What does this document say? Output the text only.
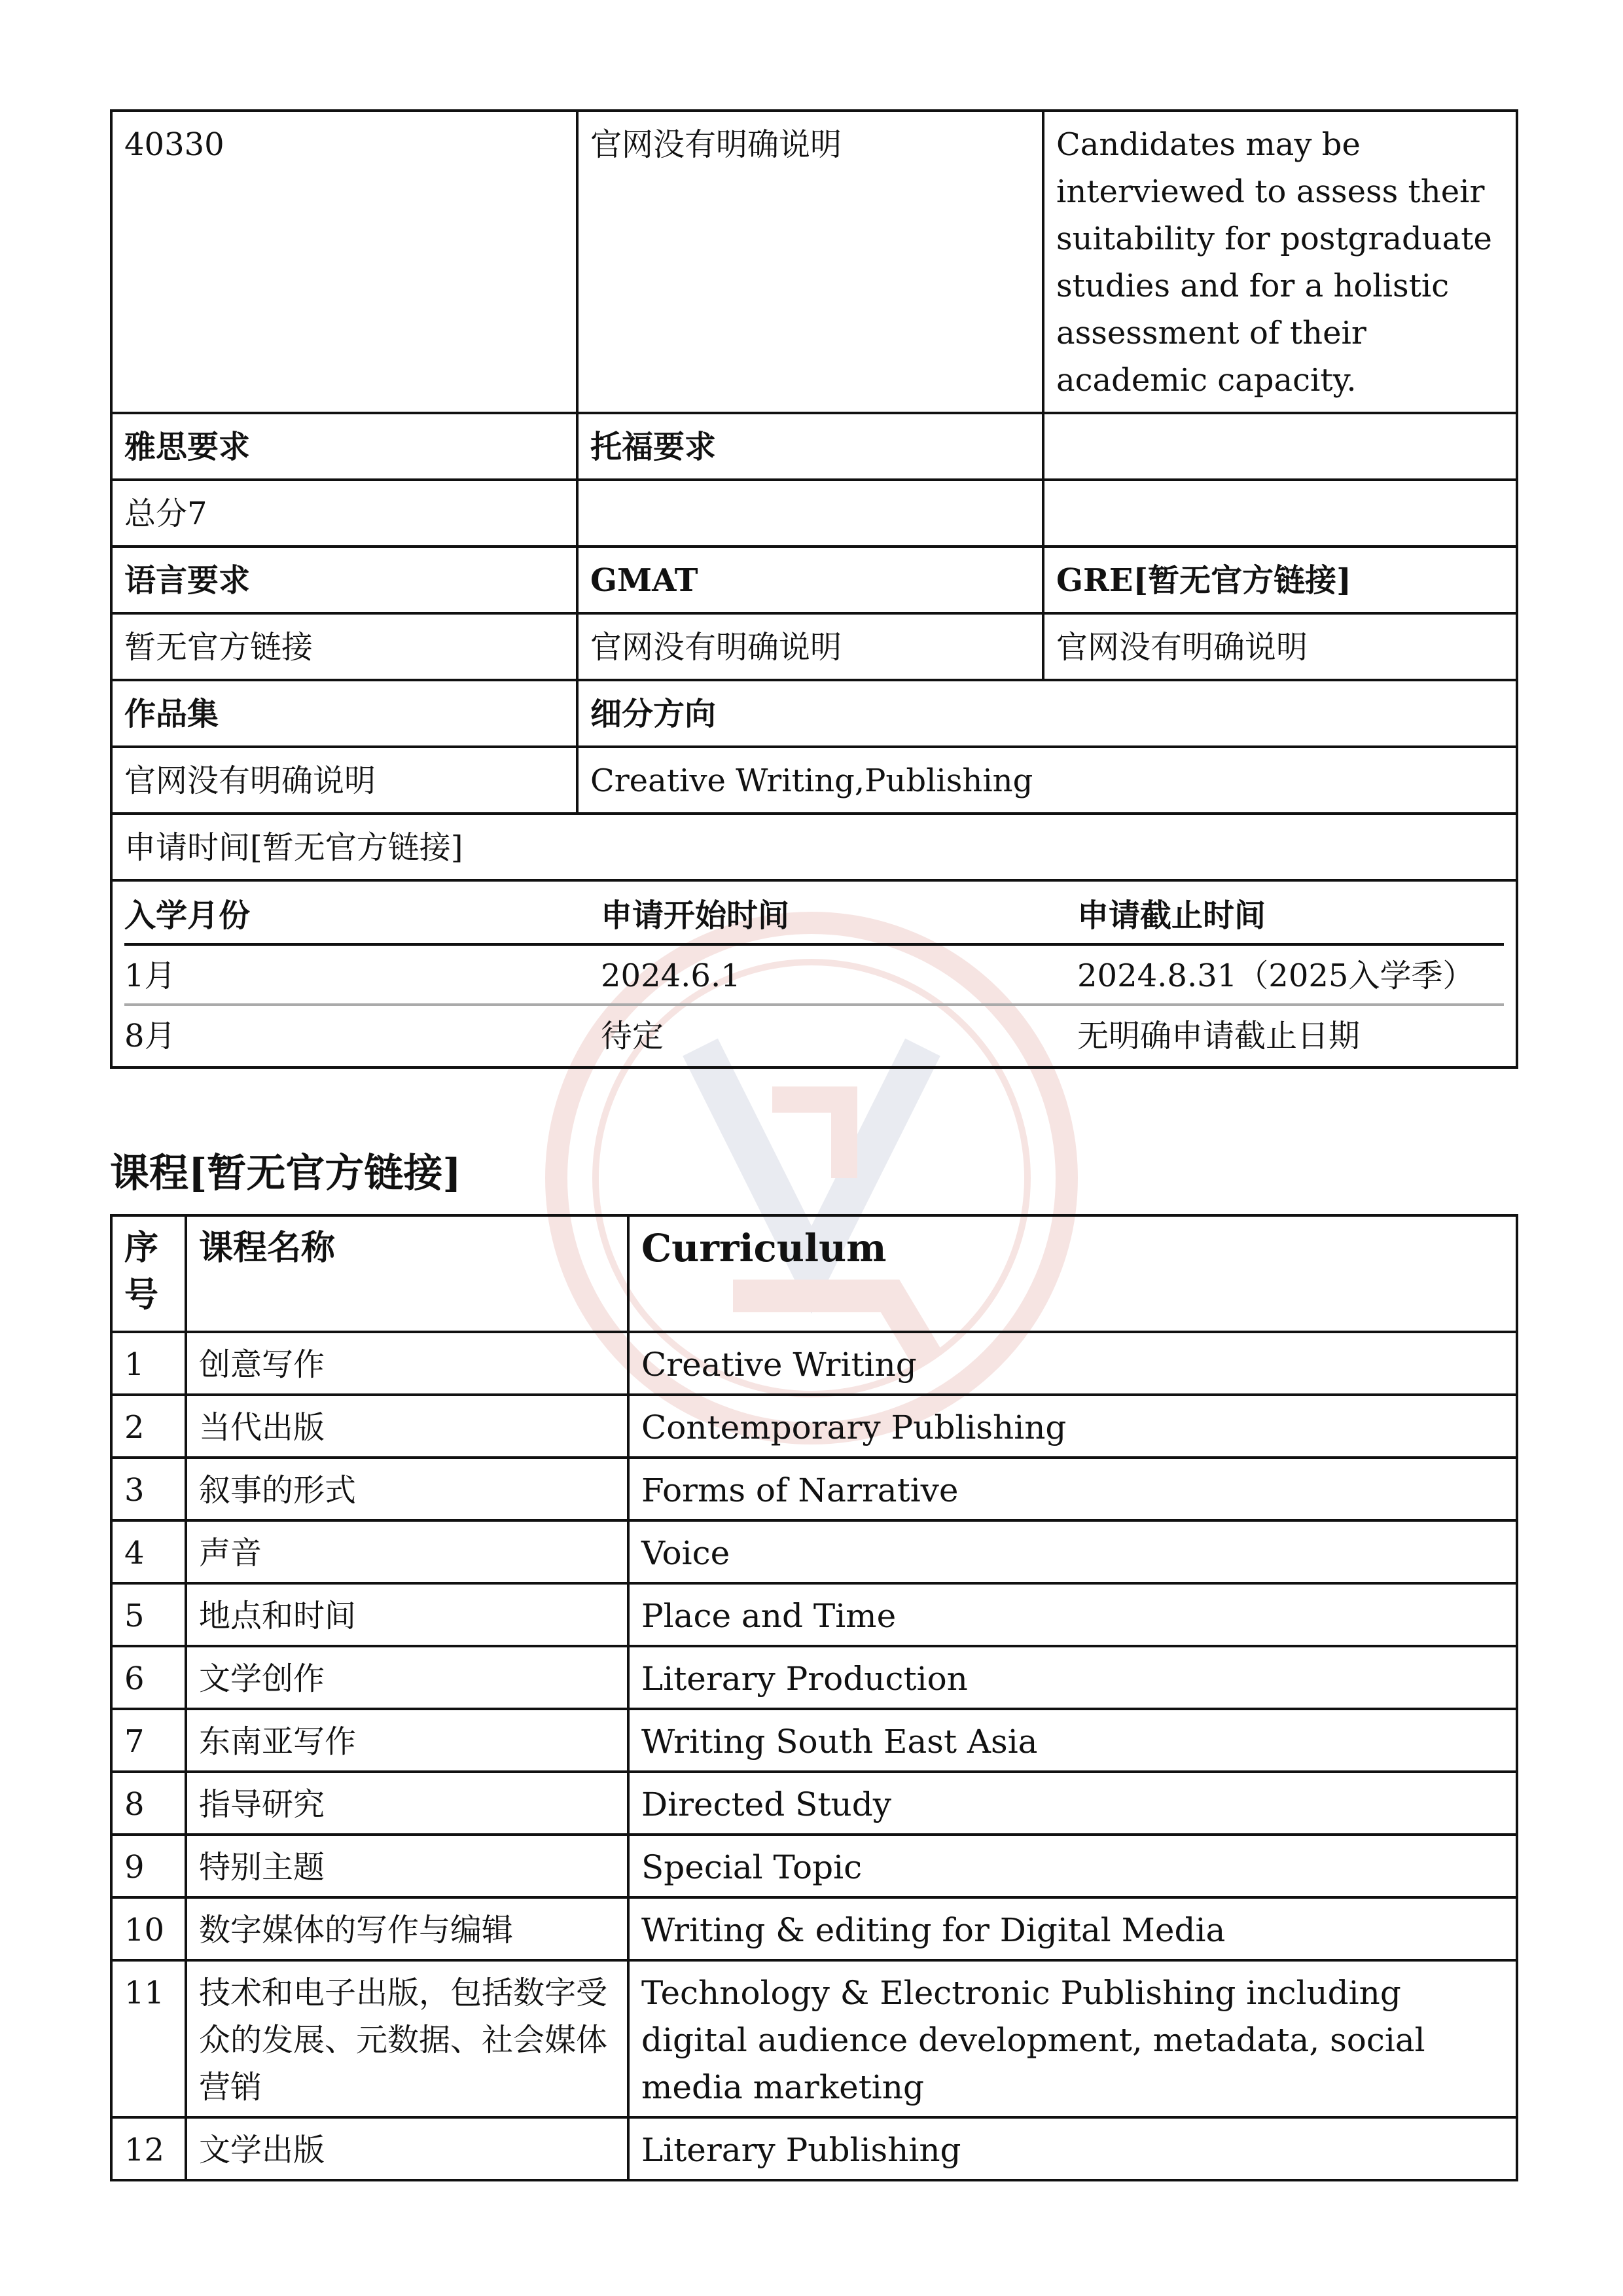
40330	官网没有明确说明	Candidates may be interviewed to assess their suitability for postgraduate studies and for a holistic assessment of their academic capacity.
雅思要求	托福要求	
总分7		
语言要求	GMAT	GRE[暂无官方链接]
暂无官方链接	官网没有明确说明	官网没有明确说明
作品集	细分方向
官网没有明确说明	Creative Writing,Publishing
申请时间[暂无官方链接]

入学月份	申请开始时间	申请截止时间
1月	2024.6.1	2024.8.31（2025入学季）
8月	待定	无明确申请截止日期
课程[暂无官方链接]
序号	课程名称	Curriculum
1	创意写作	Creative Writing
2	当代出版	Contemporary Publishing
3	叙事的形式	Forms of Narrative
4	声音	Voice
5	地点和时间	Place and Time
6	文学创作	Literary Production
7	东南亚写作	Writing South East Asia
8	指导研究	Directed Study
9	特别主题	Special Topic
10	数字媒体的写作与编辑	Writing & editing for Digital Media
11	技术和电子出版，包括数字受众的发展、元数据、社会媒体营销	Technology & Electronic Publishing including digital audience development, metadata, social media marketing
12	文学出版	Literary Publishing
